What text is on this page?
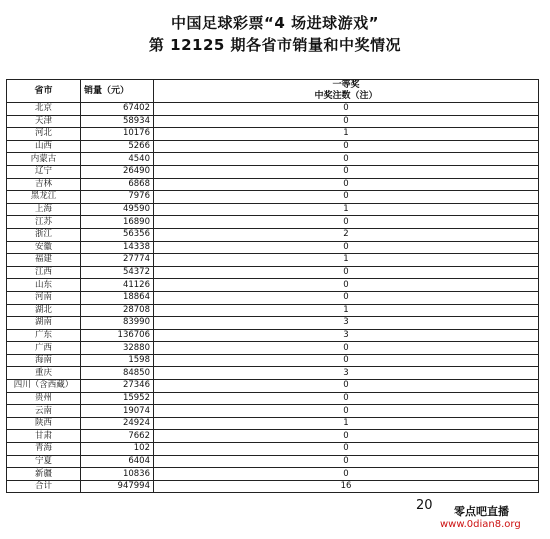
中国足球彩票“4 场进球游戏”
第 12125 期各省市销量和中奖情况
省市	销量（元）	一等奖
中奖注数（注）

北京	67402	0
天津	58934	0
河北	10176	1
山西	5266	0
内蒙古	4540	0
辽宁	26490	0
吉林	6868	0
黑龙江	7976	0
上海	49590	1
江苏	16890	0
浙江	56356	2
安徽	14338	0
福建	27774	1
江西	54372	0
山东	41126	0
河南	18864	0
湖北	28708	1
湖南	83990	3
广东	136706	3
广西	32880	0
海南	1598	0
重庆	84850	3
四川（含西藏）	27346	0
贵州	15952	0
云南	19074	0
陕西	24924	1
甘肃	7662	0
青海	102	0
宁夏	6404	0
新疆	10836	0
合计	947994	16
20 零点吧直播
www.0dian8.org
